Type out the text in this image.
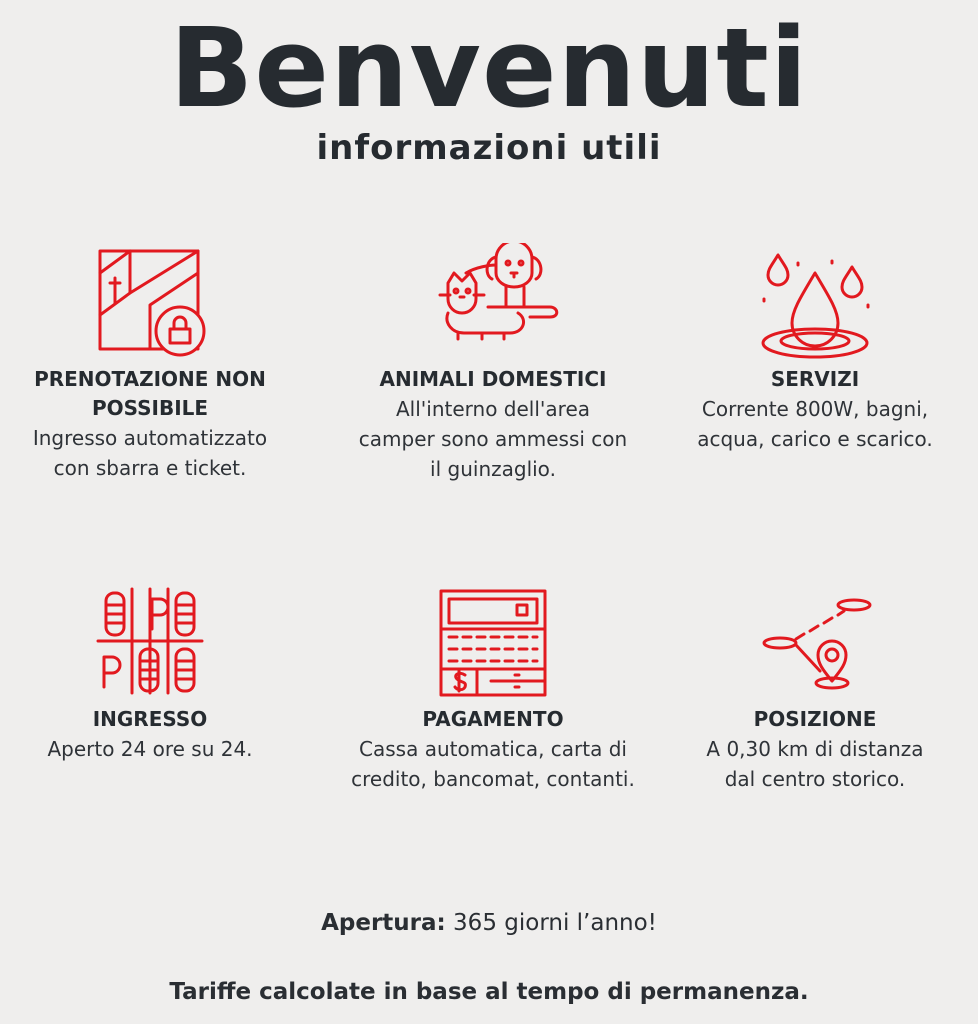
Benvenuti
informazioni utili
PRENOTAZIONE NON POSSIBILE

Ingresso automatizzato con sbarra e ticket.

ANIMALI DOMESTICI

All'interno dell'area camper sono ammessi con il guinzaglio.

SERVIZI

Corrente 800W, bagni, acqua, carico e scarico.

INGRESSO

Aperto 24 ore su 24.

PAGAMENTO

Cassa automatica, carta di credito, bancomat, contanti.

POSIZIONE

A 0,30 km di distanza dal centro storico.

Apertura: 365 giorni l’anno!
Tariffe calcolate in base al tempo di permanenza.
